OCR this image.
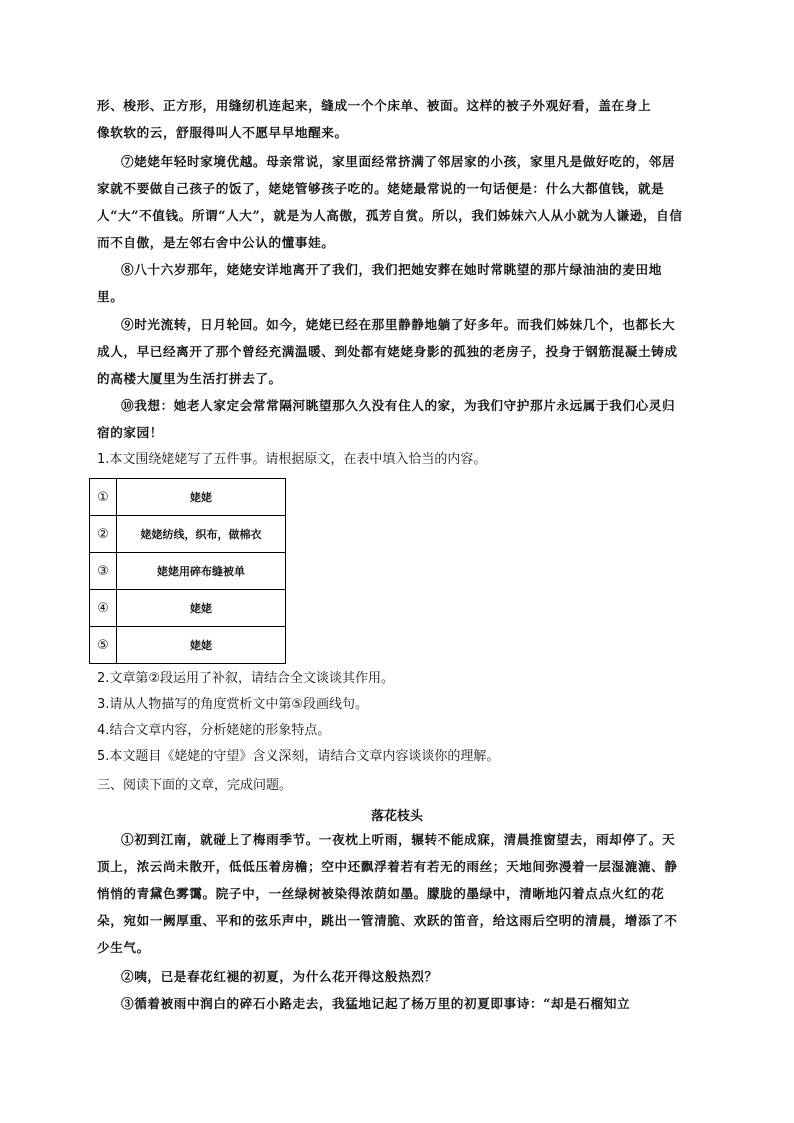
形、梭形、正方形，用缝纫机连起来，缝成一个个床单、被面。这样的被子外观好看，盖在身上
像软软的云，舒服得叫人不愿早早地醒来。
⑦姥姥年轻时家境优越。母亲常说，家里面经常挤满了邻居家的小孩，家里凡是做好吃的，邻居家就不要做自己孩子的饭了，姥姥管够孩子吃的。姥姥最常说的一句话便是：什么大都值钱，就是人“大”不值钱。所谓“人大”，就是为人高傲，孤芳自赏。所以，我们姊妹六人从小就为人谦逊，自信而不自傲，是左邻右舍中公认的懂事娃。
⑧八十六岁那年，姥姥安详地离开了我们，我们把她安葬在她时常眺望的那片绿油油的麦田地里。
⑨时光流转，日月轮回。如今，姥姥已经在那里静静地躺了好多年。而我们姊妹几个，也都长大成人，早已经离开了那个曾经充满温暖、到处都有姥姥身影的孤独的老房子，投身于钢筋混凝土铸成的高楼大厦里为生活打拼去了。
⑩我想：她老人家定会常常隔河眺望那久久没有住人的家，为我们守护那片永远属于我们心灵归宿的家园！
1.本文围绕姥姥写了五件事。请根据原文，在表中填入恰当的内容。
①	姥姥
②	姥姥纺线，织布，做棉衣
③	姥姥用碎布缝被单
④	姥姥
⑤	姥姥
2.文章第②段运用了补叙，请结合全文谈谈其作用。
3.请从人物描写的角度赏析文中第⑤段画线句。
4.结合文章内容，分析姥姥的形象特点。
5.本文题目《姥姥的守望》含义深刻，请结合文章内容谈谈你的理解。
三、阅读下面的文章，完成问题。
落花枝头
①初到江南，就碰上了梅雨季节。一夜枕上听雨，辗转不能成寐，清晨推窗望去，雨却停了。天顶上，浓云尚未散开，低低压着房檐；空中还飘浮着若有若无的雨丝；天地间弥漫着一层湿漉漉、静悄悄的青黛色雾霭。院子中，一丝绿树被染得浓荫如墨。朦胧的墨绿中，清晰地闪着点点火红的花朵，宛如一阙厚重、平和的弦乐声中，跳出一管清脆、欢跃的笛音，给这雨后空明的清晨，增添了不少生气。
②咦，已是春花红褪的初夏，为什么花开得这般热烈？
③循着被雨中润白的碎石小路走去，我猛地记起了杨万里的初夏即事诗：“却是石榴知立
